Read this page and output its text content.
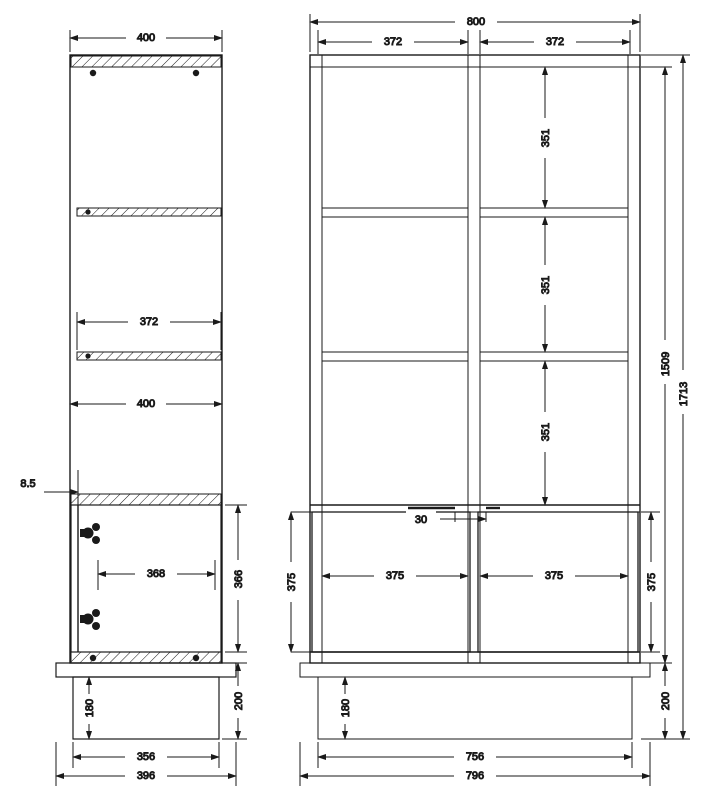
400
372
400
8.5
368	366
180	200
356
396
800
372	372
351
351
351
30
375	375
375	375
1509
1713
180	200
756
796
